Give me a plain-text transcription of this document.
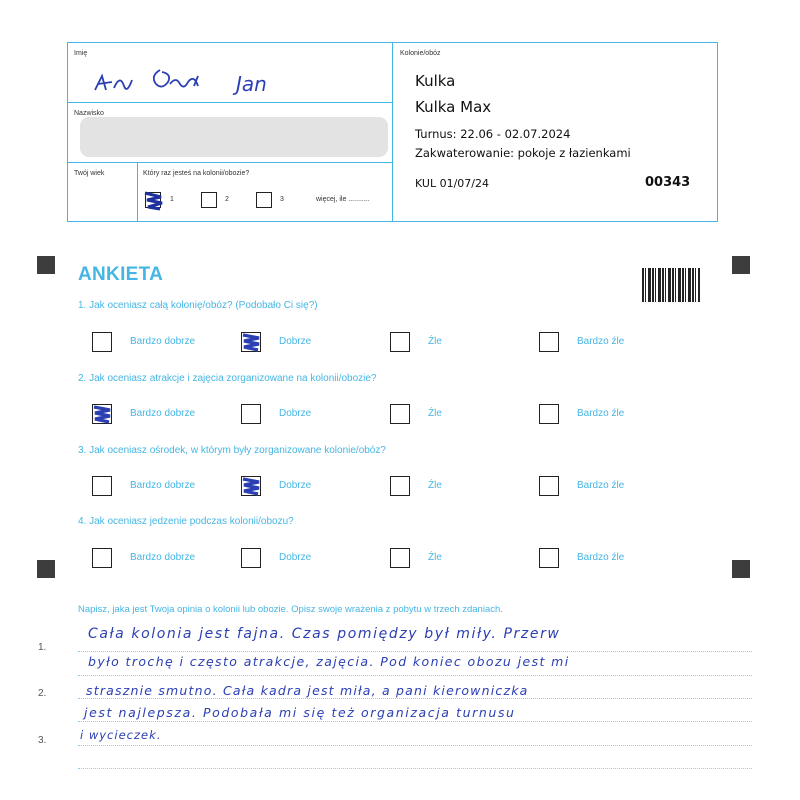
Imię
Jan
Nazwisko
Twój wiek	Który raz jesteś na kolonii/obozie?
1	2	3	więcej, ile ...........
Kolonie/obóz
Kulka
Kulka Max
Turnus: 22.06 - 02.07.2024
Zakwaterowanie: pokoje z łazienkami
KUL 01/07/24	00343
ANKIETA
1. Jak oceniasz całą kolonię/obóz? (Podobało Ci się?)
2. Jak oceniasz atrakcje i zajęcia zorganizowane na kolonii/obozie?
3. Jak oceniasz ośrodek, w którym były zorganizowane kolonie/obóz?
4. Jak oceniasz jedzenie podczas kolonii/obozu?
Bardzo dobrze	Dobrze	Źle	Bardzo źle
Bardzo dobrze	Dobrze	Źle	Bardzo źle
Bardzo dobrze	Dobrze	Źle	Bardzo źle
Bardzo dobrze	Dobrze	Źle	Bardzo źle
Napisz, jaka jest Twoja opinia o kolonii lub obozie. Opisz swoje wrażenia z pobytu w trzech zdaniach.
1.
2.
3.
Cała kolonia jest fajna. Czas pomiędzy był miły. Przerw
było trochę i często atrakcje, zajęcia. Pod koniec obozu jest mi
strasznie smutno. Cała kadra jest miła, a pani kierowniczka
jest najlepsza. Podobała mi się też organizacja turnusu
i wycieczek.
